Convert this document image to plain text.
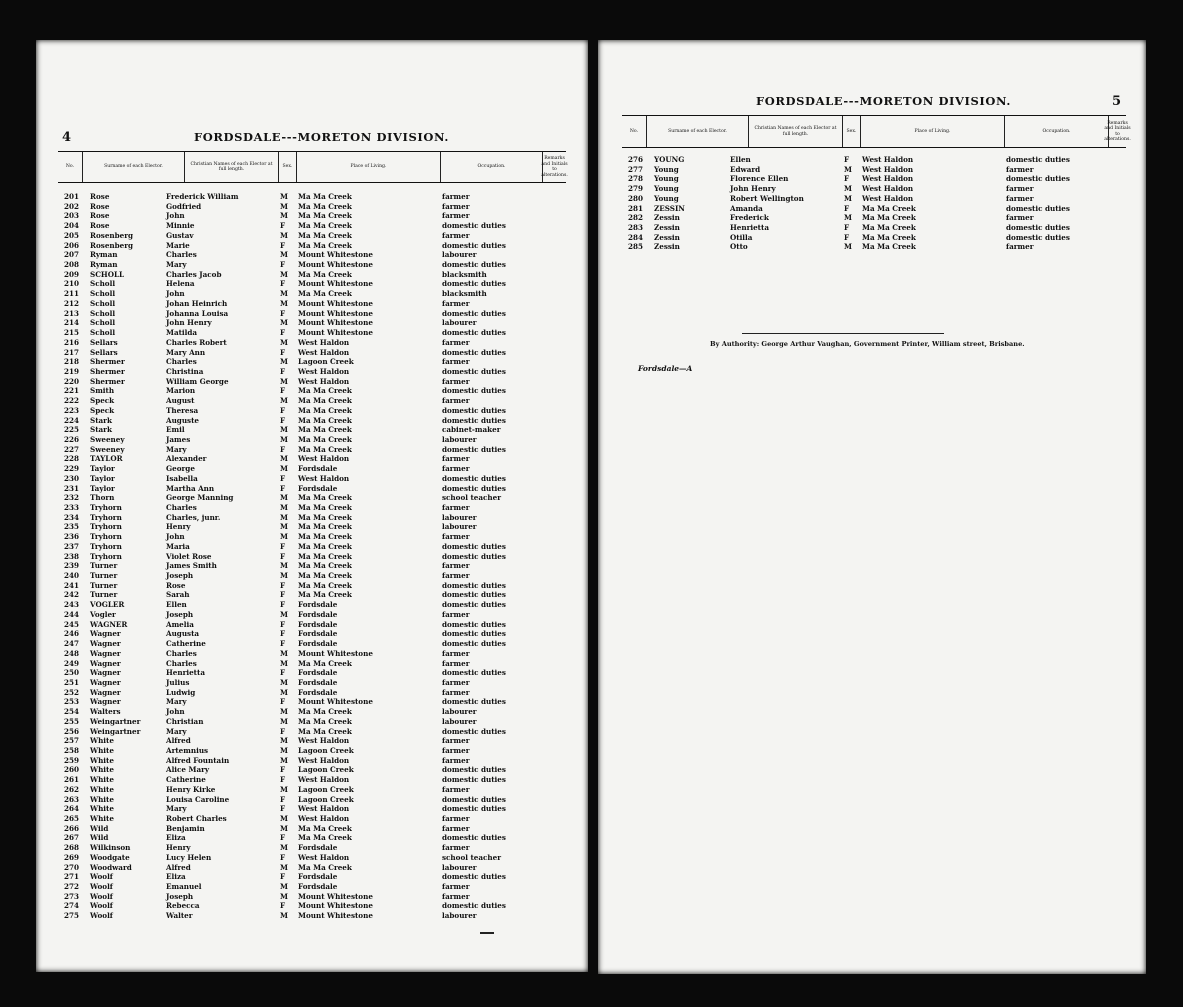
4	FORDSDALE---MORETON DIVISION.
No.	Surname of each Elector.
Christian Names of each Elector at full length.
Sex.	Place of Living.	Occupation.
Remarks and Initials to alterations.
201 Rose	Frederick William	M Ma Ma Creek	farmer
202 Rose	Godfried	M Ma Ma Creek	farmer
203 Rose	John	M Ma Ma Creek	farmer
204 Rose	Minnie	F Ma Ma Creek	domestic duties
205 Rosenberg	Gustav	M Ma Ma Creek	farmer
206 Rosenberg	Marie	F Ma Ma Creek	domestic duties
207 Ryman	Charles	M Mount Whitestone	labourer
208 Ryman	Mary	F Mount Whitestone	domestic duties
209 SCHOLL	Charles Jacob	M Ma Ma Creek	blacksmith
210 Scholl	Helena	F Mount Whitestone	domestic duties
211 Scholl	John	M Ma Ma Creek	blacksmith
212 Scholl	Johan Heinrich	M Mount Whitestone	farmer
213 Scholl	Johanna Louisa	F Mount Whitestone	domestic duties
214 Scholl	John Henry	M Mount Whitestone	labourer
215 Scholl	Matilda	F Mount Whitestone	domestic duties
216 Sellars	Charles Robert	M West Haldon	farmer
217 Sellars	Mary Ann	F West Haldon	domestic duties
218 Shermer	Charles	M Lagoon Creek	farmer
219 Shermer	Christina	F West Haldon	domestic duties
220 Shermer	William George	M West Haldon	farmer
221 Smith	Marion	F Ma Ma Creek	domestic duties
222 Speck	August	M Ma Ma Creek	farmer
223 Speck	Theresa	F Ma Ma Creek	domestic duties
224 Stark	Auguste	F Ma Ma Creek	domestic duties
225 Stark	Emil	M Ma Ma Creek	cabinet-maker
226 Sweeney	James	M Ma Ma Creek	labourer
227 Sweeney	Mary	F Ma Ma Creek	domestic duties
228 TAYLOR	Alexander	M West Haldon	farmer
229 Taylor	George	M Fordsdale	farmer
230 Taylor	Isabella	F West Haldon	domestic duties
231 Taylor	Martha Ann	F Fordsdale	domestic duties
232 Thorn	George Manning	M Ma Ma Creek	school teacher
233 Tryhorn	Charles	M Ma Ma Creek	farmer
234 Tryhorn	Charles, junr.	M Ma Ma Creek	labourer
235 Tryhorn	Henry	M Ma Ma Creek	labourer
236 Tryhorn	John	M Ma Ma Creek	farmer
237 Tryhorn	Maria	F Ma Ma Creek	domestic duties
238 Tryhorn	Violet Rose	F Ma Ma Creek	domestic duties
239 Turner	James Smith	M Ma Ma Creek	farmer
240 Turner	Joseph	M Ma Ma Creek	farmer
241 Turner	Rose	F Ma Ma Creek	domestic duties
242 Turner	Sarah	F Ma Ma Creek	domestic duties
243 VOGLER	Ellen	F Fordsdale	domestic duties
244 Vogler	Joseph	M Fordsdale	farmer
245 WAGNER	Amelia	F Fordsdale	domestic duties
246 Wagner	Augusta	F Fordsdale	domestic duties
247 Wagner	Catherine	F Fordsdale	domestic duties
248 Wagner	Charles	M Mount Whitestone	farmer
249 Wagner	Charles	M Ma Ma Creek	farmer
250 Wagner	Henrietta	F Fordsdale	domestic duties
251 Wagner	Julius	M Fordsdale	farmer
252 Wagner	Ludwig	M Fordsdale	farmer
253 Wagner	Mary	F Mount Whitestone	domestic duties
254 Walters	John	M Ma Ma Creek	labourer
255 Weingartner	Christian	M Ma Ma Creek	labourer
256 Weingartner	Mary	F Ma Ma Creek	domestic duties
257 White	Alfred	M West Haldon	farmer
258 White	Artemnius	M Lagoon Creek	farmer
259 White	Alfred Fountain	M West Haldon	farmer
260 White	Alice Mary	F Lagoon Creek	domestic duties
261 White	Catherine	F West Haldon	domestic duties
262 White	Henry Kirke	M Lagoon Creek	farmer
263 White	Louisa Caroline	F Lagoon Creek	domestic duties
264 White	Mary	F West Haldon	domestic duties
265 White	Robert Charles	M West Haldon	farmer
266 Wild	Benjamin	M Ma Ma Creek	farmer
267 Wild	Eliza	F Ma Ma Creek	domestic duties
268 Wilkinson	Henry	M Fordsdale	farmer
269 Woodgate	Lucy Helen	F West Haldon	school teacher
270 Woodward	Alfred	M Ma Ma Creek	labourer
271 Woolf	Eliza	F Fordsdale	domestic duties
272 Woolf	Emanuel	M Fordsdale	farmer
273 Woolf	Joseph	M Mount Whitestone	farmer
274 Woolf	Rebecca	F Mount Whitestone	domestic duties
275 Woolf	Walter	M Mount Whitestone	labourer
FORDSDALE---MORETON DIVISION.	5
No.	Surname of each Elector.
Christian Names of each Elector at full length.
Sex.	Place of Living.	Occupation.
Remarks and Initials to alterations.
276 YOUNG	Ellen	F West Haldon	domestic duties
277 Young	Edward	M West Haldon	farmer
278 Young	Florence Ellen	F West Haldon	domestic duties
279 Young	John Henry	M West Haldon	farmer
280 Young	Robert Wellington	M West Haldon	farmer
281 ZESSIN	Amanda	F Ma Ma Creek	domestic duties
282 Zessin	Frederick	M Ma Ma Creek	farmer
283 Zessin	Henrietta	F Ma Ma Creek	domestic duties
284 Zessin	Otilla	F Ma Ma Creek	domestic duties
285 Zessin	Otto	M Ma Ma Creek	farmer
By Authority: George Arthur Vaughan, Government Printer, William street, Brisbane.
Fordsdale—A
